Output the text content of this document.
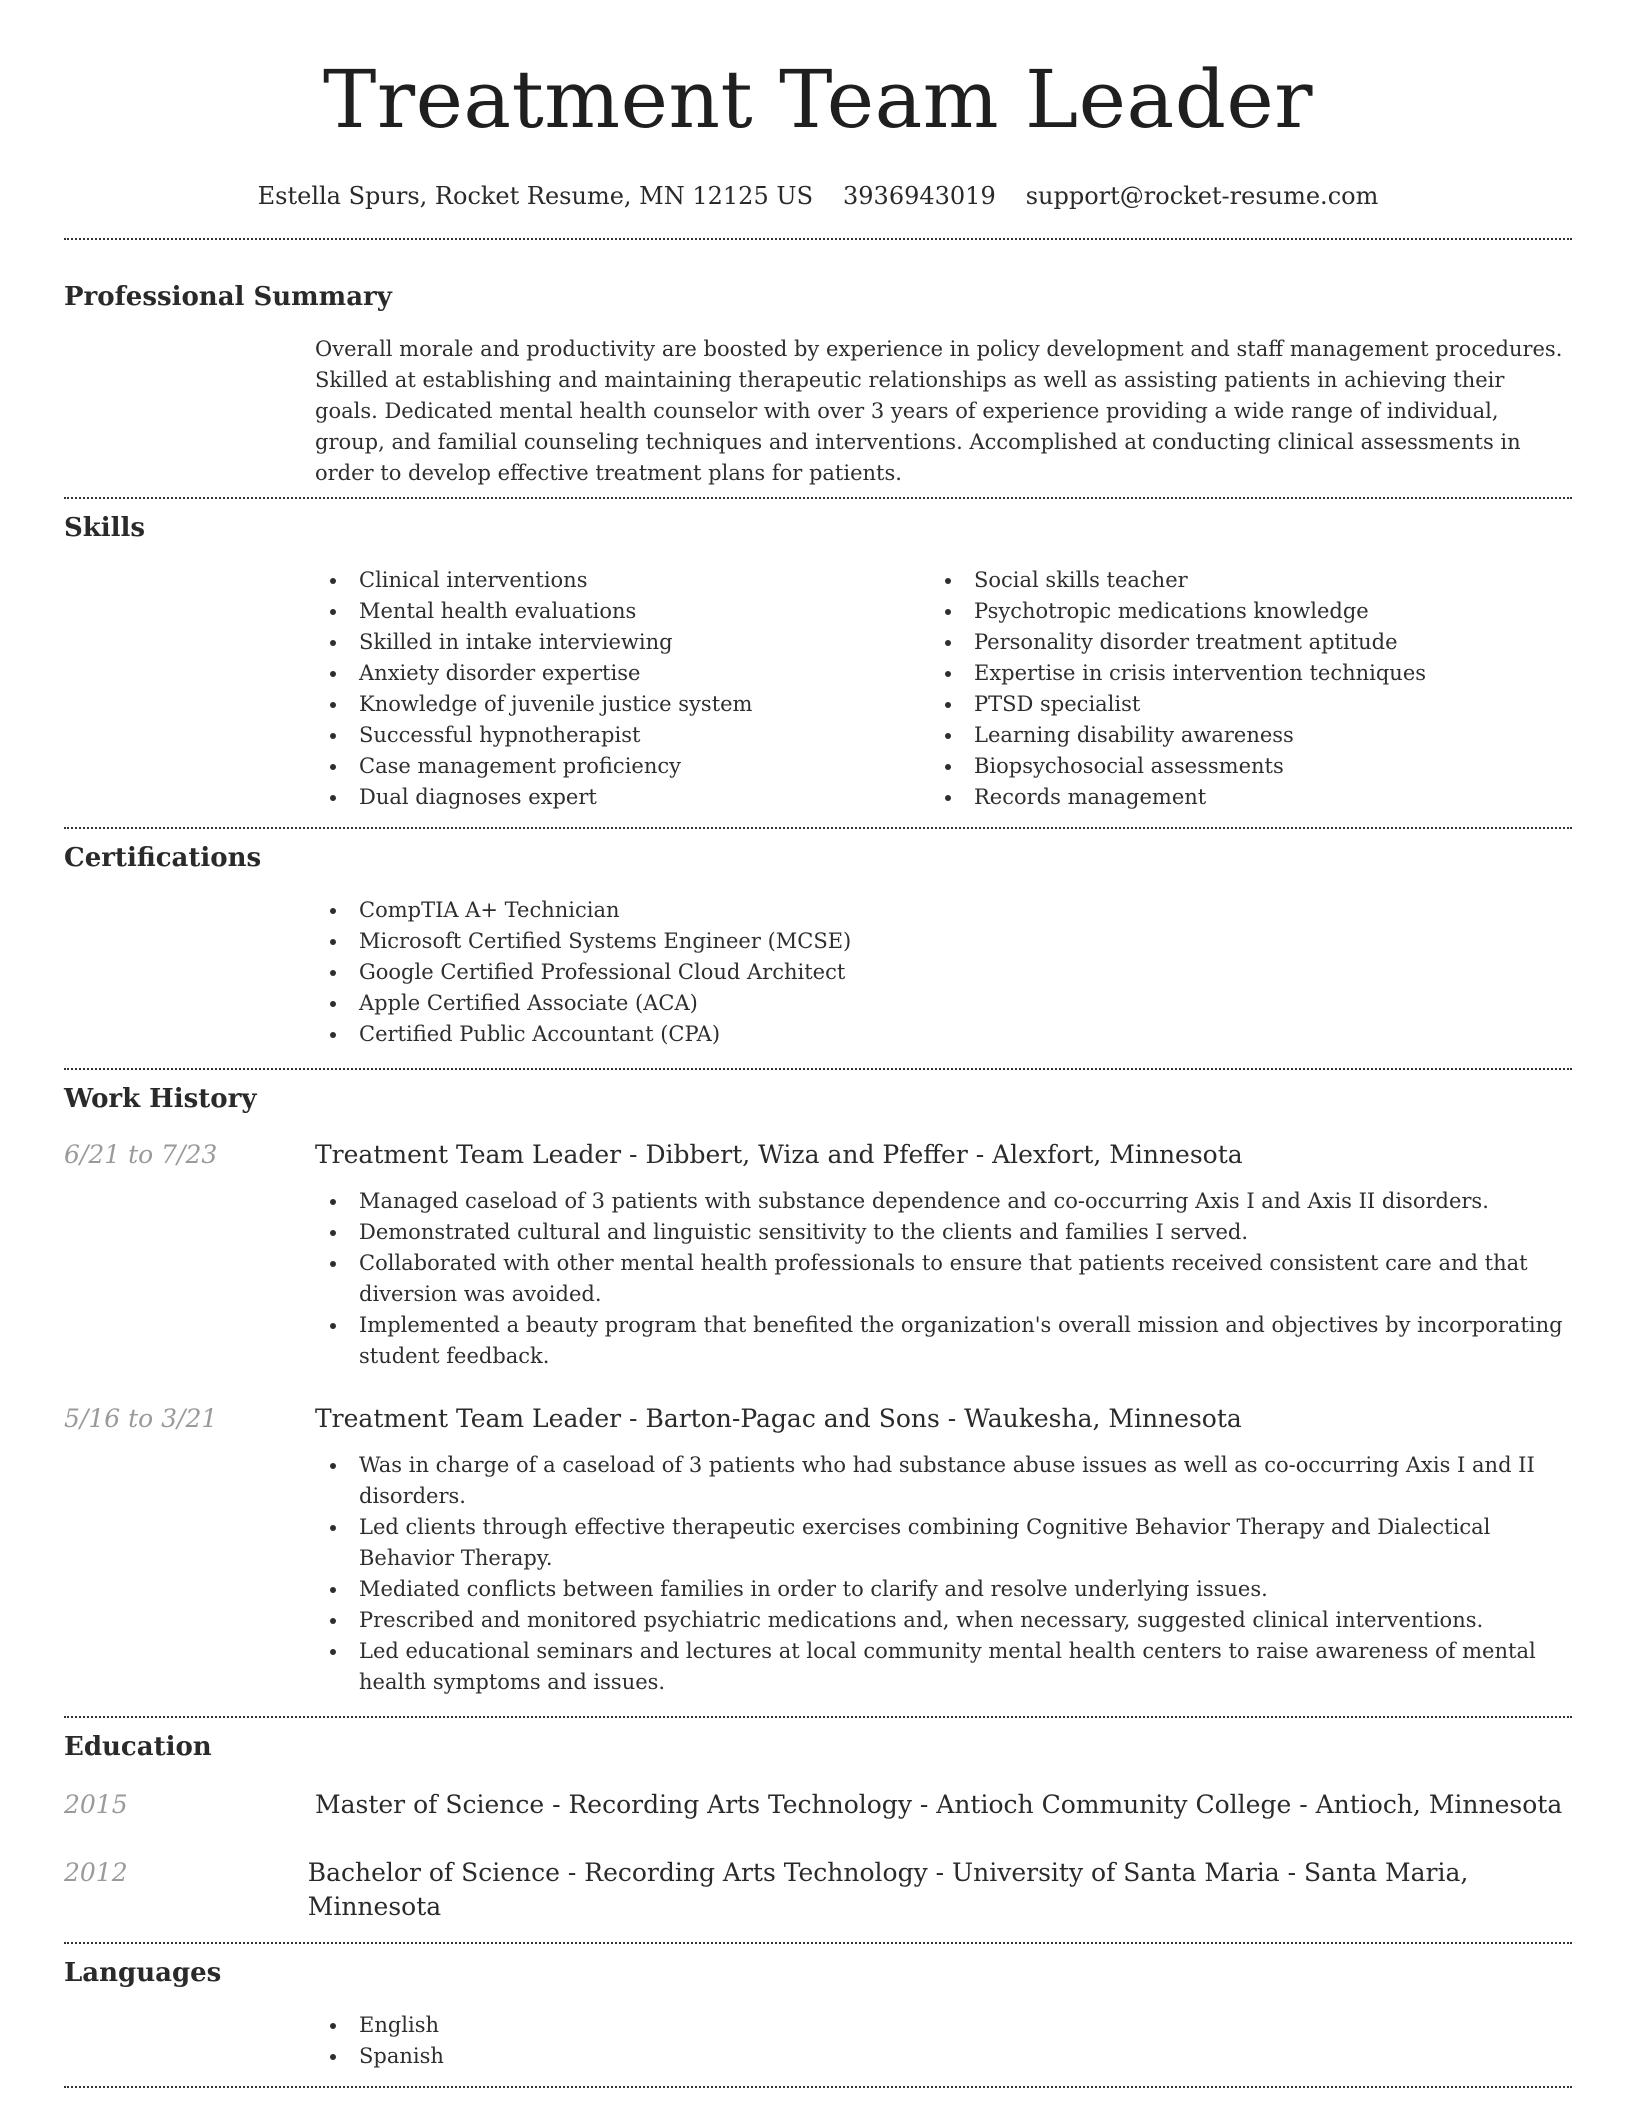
Treatment Team Leader
Estella Spurs, Rocket Resume, MN 12125 US 3936943019 support@rocket-resume.com
Professional Summary

Overall morale and productivity are boosted by experience in policy development and staff management procedures. Skilled at establishing and maintaining therapeutic relationships as well as assisting patients in achieving their goals. Dedicated mental health counselor with over 3 years of experience providing a wide range of individual, group, and familial counseling techniques and interventions. Accomplished at conducting clinical assessments in order to develop effective treatment plans for patients.

Skills
Clinical interventions
Mental health evaluations
Skilled in intake interviewing
Anxiety disorder expertise
Knowledge of juvenile justice system
Successful hypnotherapist
Case management proficiency
Dual diagnoses expert
Social skills teacher
Psychotropic medications knowledge
Personality disorder treatment aptitude
Expertise in crisis intervention techniques
PTSD specialist
Learning disability awareness
Biopsychosocial assessments
Records management
Certifications
CompTIA A+ Technician
Microsoft Certified Systems Engineer (MCSE)
Google Certified Professional Cloud Architect
Apple Certified Associate (ACA)
Certified Public Accountant (CPA)
Work History
6/21 to 7/23	Treatment Team Leader - Dibbert, Wiza and Pfeffer - Alexfort, Minnesota
Managed caseload of 3 patients with substance dependence and co-occurring Axis I and Axis II disorders.
Demonstrated cultural and linguistic sensitivity to the clients and families I served.
Collaborated with other mental health professionals to ensure that patients received consistent care and that diversion was avoided.
Implemented a beauty program that benefited the organization's overall mission and objectives by incorporating student feedback.
5/16 to 3/21	Treatment Team Leader - Barton-Pagac and Sons - Waukesha, Minnesota
Was in charge of a caseload of 3 patients who had substance abuse issues as well as co-occurring Axis I and II disorders.
Led clients through effective therapeutic exercises combining Cognitive Behavior Therapy and Dialectical Behavior Therapy.
Mediated conflicts between families in order to clarify and resolve underlying issues.
Prescribed and monitored psychiatric medications and, when necessary, suggested clinical interventions.
Led educational seminars and lectures at local community mental health centers to raise awareness of mental health symptoms and issues.
Education
2015	Master of Science - Recording Arts Technology - Antioch Community College - Antioch, Minnesota
2012	Bachelor of Science - Recording Arts Technology - University of Santa Maria - Santa Maria, Minnesota
Languages
English
Spanish
